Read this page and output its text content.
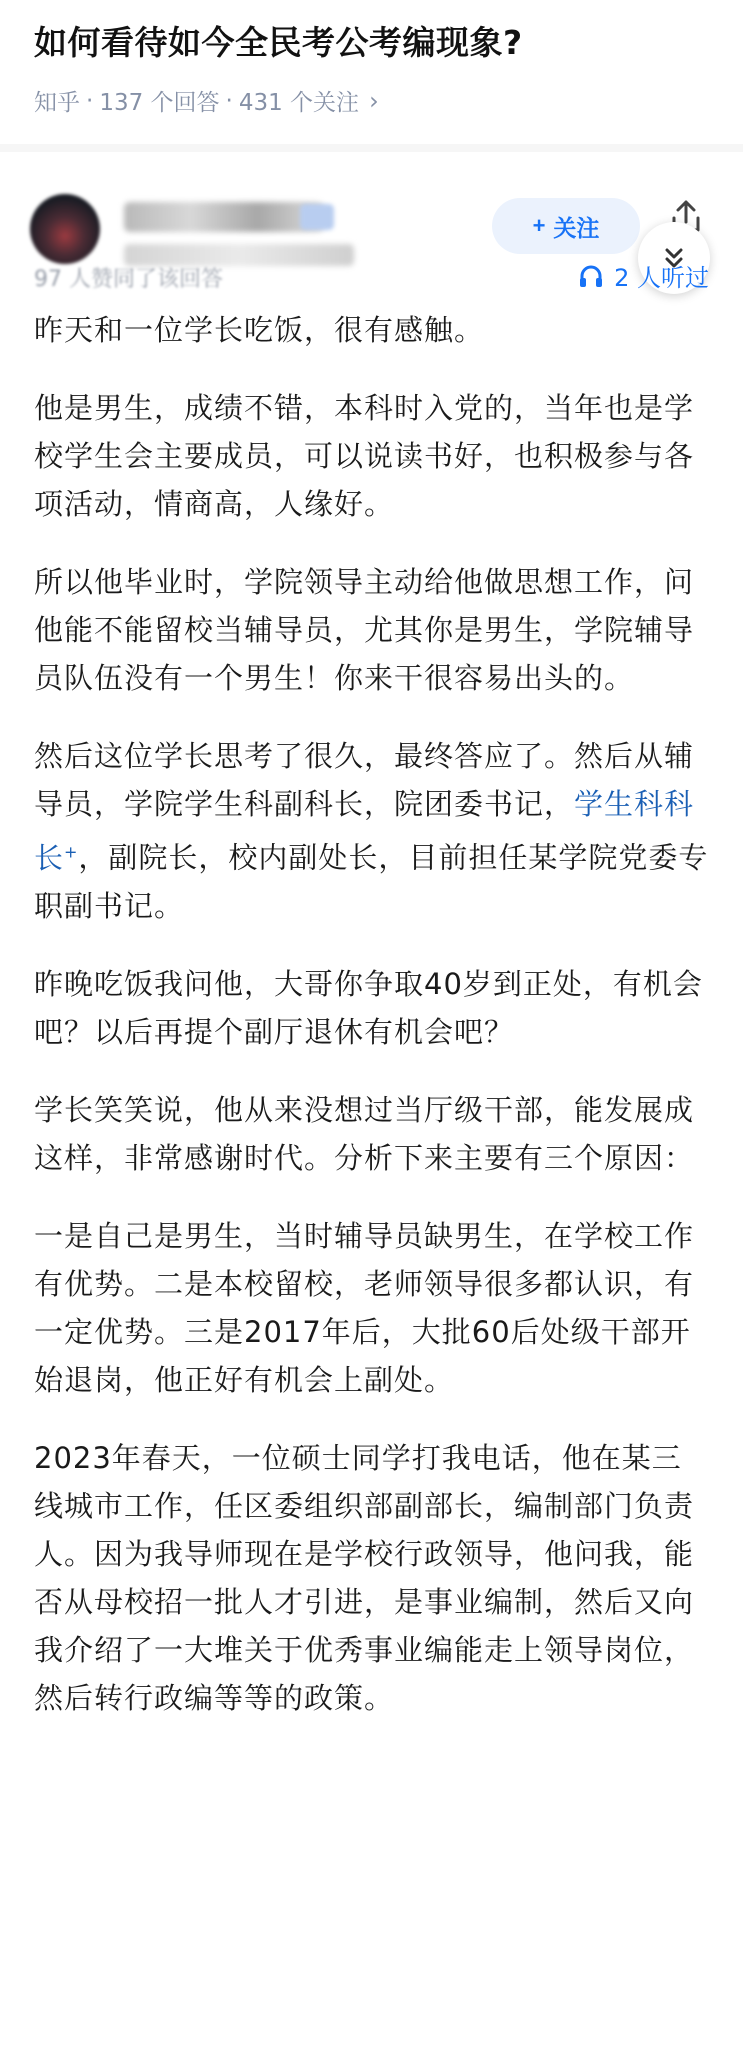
如何看待如今全民考公考编现象?
知乎 · 137 个回答 · 431 个关注 ›
+ 关注
97 人赞同了该回答	2 人听过

昨天和一位学长吃饭，很有感触。

他是男生，成绩不错，本科时入党的，当年也是学校学生会主要成员，可以说读书好，也积极参与各项活动，情商高，人缘好。

所以他毕业时，学院领导主动给他做思想工作，问他能不能留校当辅导员，尤其你是男生，学院辅导员队伍没有一个男生！你来干很容易出头的。

然后这位学长思考了很久，最终答应了。然后从辅导员，学院学生科副科长，院团委书记，学生科科长+，副院长，校内副处长，目前担任某学院党委专职副书记。

昨晚吃饭我问他，大哥你争取40岁到正处，有机会吧？以后再提个副厅退休有机会吧？

学长笑笑说，他从来没想过当厅级干部，能发展成这样，非常感谢时代。分析下来主要有三个原因：

一是自己是男生，当时辅导员缺男生，在学校工作有优势。二是本校留校，老师领导很多都认识，有一定优势。三是2017年后，大批60后处级干部开始退岗，他正好有机会上副处。

2023年春天，一位硕士同学打我电话，他在某三线城市工作，任区委组织部副部长，编制部门负责人。因为我导师现在是学校行政领导，他问我，能否从母校招一批人才引进，是事业编制，然后又向我介绍了一大堆关于优秀事业编能走上领导岗位，然后转行政编等等的政策。
